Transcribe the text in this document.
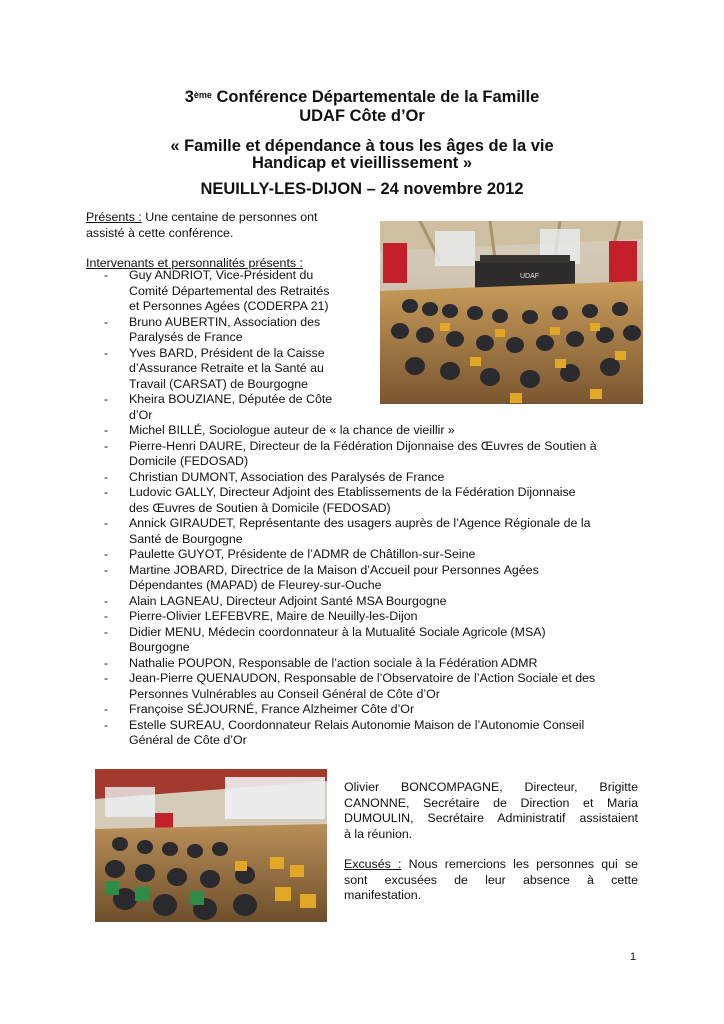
3ème Conférence Départementale de la Famille
UDAF Côte d’Or
« Famille et dépendance à tous les âges de la vie
Handicap et vieillissement »
NEUILLY-LES-DIJON – 24 novembre 2012
Présents : Une centaine de personnes ont
assisté à cette conférence.
Intervenants et personnalités présents :
- Guy ANDRIOT, Vice-Président du
Comité Départemental des Retraités
et Personnes Agées (CODERPA 21)
- Bruno AUBERTIN, Association des
Paralysés de France
- Yves BARD, Président de la Caisse
d’Assurance Retraite et la Santé au
Travail (CARSAT) de Bourgogne
- Kheira BOUZIANE, Députée de Côte
d’Or
- Michel BILLÉ, Sociologue auteur de « la chance de vieillir »
- Pierre-Henri DAURE, Directeur de la Fédération Dijonnaise des Œuvres de Soutien à
Domicile (FEDOSAD)
- Christian DUMONT, Association des Paralysés de France
- Ludovic GALLY, Directeur Adjoint des Etablissements de la Fédération Dijonnaise
des Œuvres de Soutien à Domicile (FEDOSAD)
- Annick GIRAUDET, Représentante des usagers auprès de l’Agence Régionale de la
Santé de Bourgogne
- Paulette GUYOT, Présidente de l’ADMR de Châtillon-sur-Seine
- Martine JOBARD, Directrice de la Maison d’Accueil pour Personnes Agées
Dépendantes (MAPAD) de Fleurey-sur-Ouche
- Alain LAGNEAU, Directeur Adjoint Santé MSA Bourgogne
- Pierre-Olivier LEFEBVRE, Maire de Neuilly-les-Dijon
- Didier MENU, Médecin coordonnateur à la Mutualité Sociale Agricole (MSA)
Bourgogne
- Nathalie POUPON, Responsable de l’action sociale à la Fédération ADMR
- Jean-Pierre QUENAUDON, Responsable de l’Observatoire de l’Action Sociale et des
Personnes Vulnérables au Conseil Général de Côte d’Or
- Françoise SÉJOURNÉ, France Alzheimer Côte d’Or
- Estelle SUREAU, Coordonnateur Relais Autonomie Maison de l’Autonomie Conseil
Général de Côte d’Or
UDAF
Olivier BONCOMPAGNE, Directeur, Brigitte
CANONNE, Secrétaire de Direction et Maria
DUMOULIN, Secrétaire Administratif assistaient
à la réunion.
Excusés : Nous remercions les personnes qui se
sont excusées de leur absence à cette
manifestation.
1
